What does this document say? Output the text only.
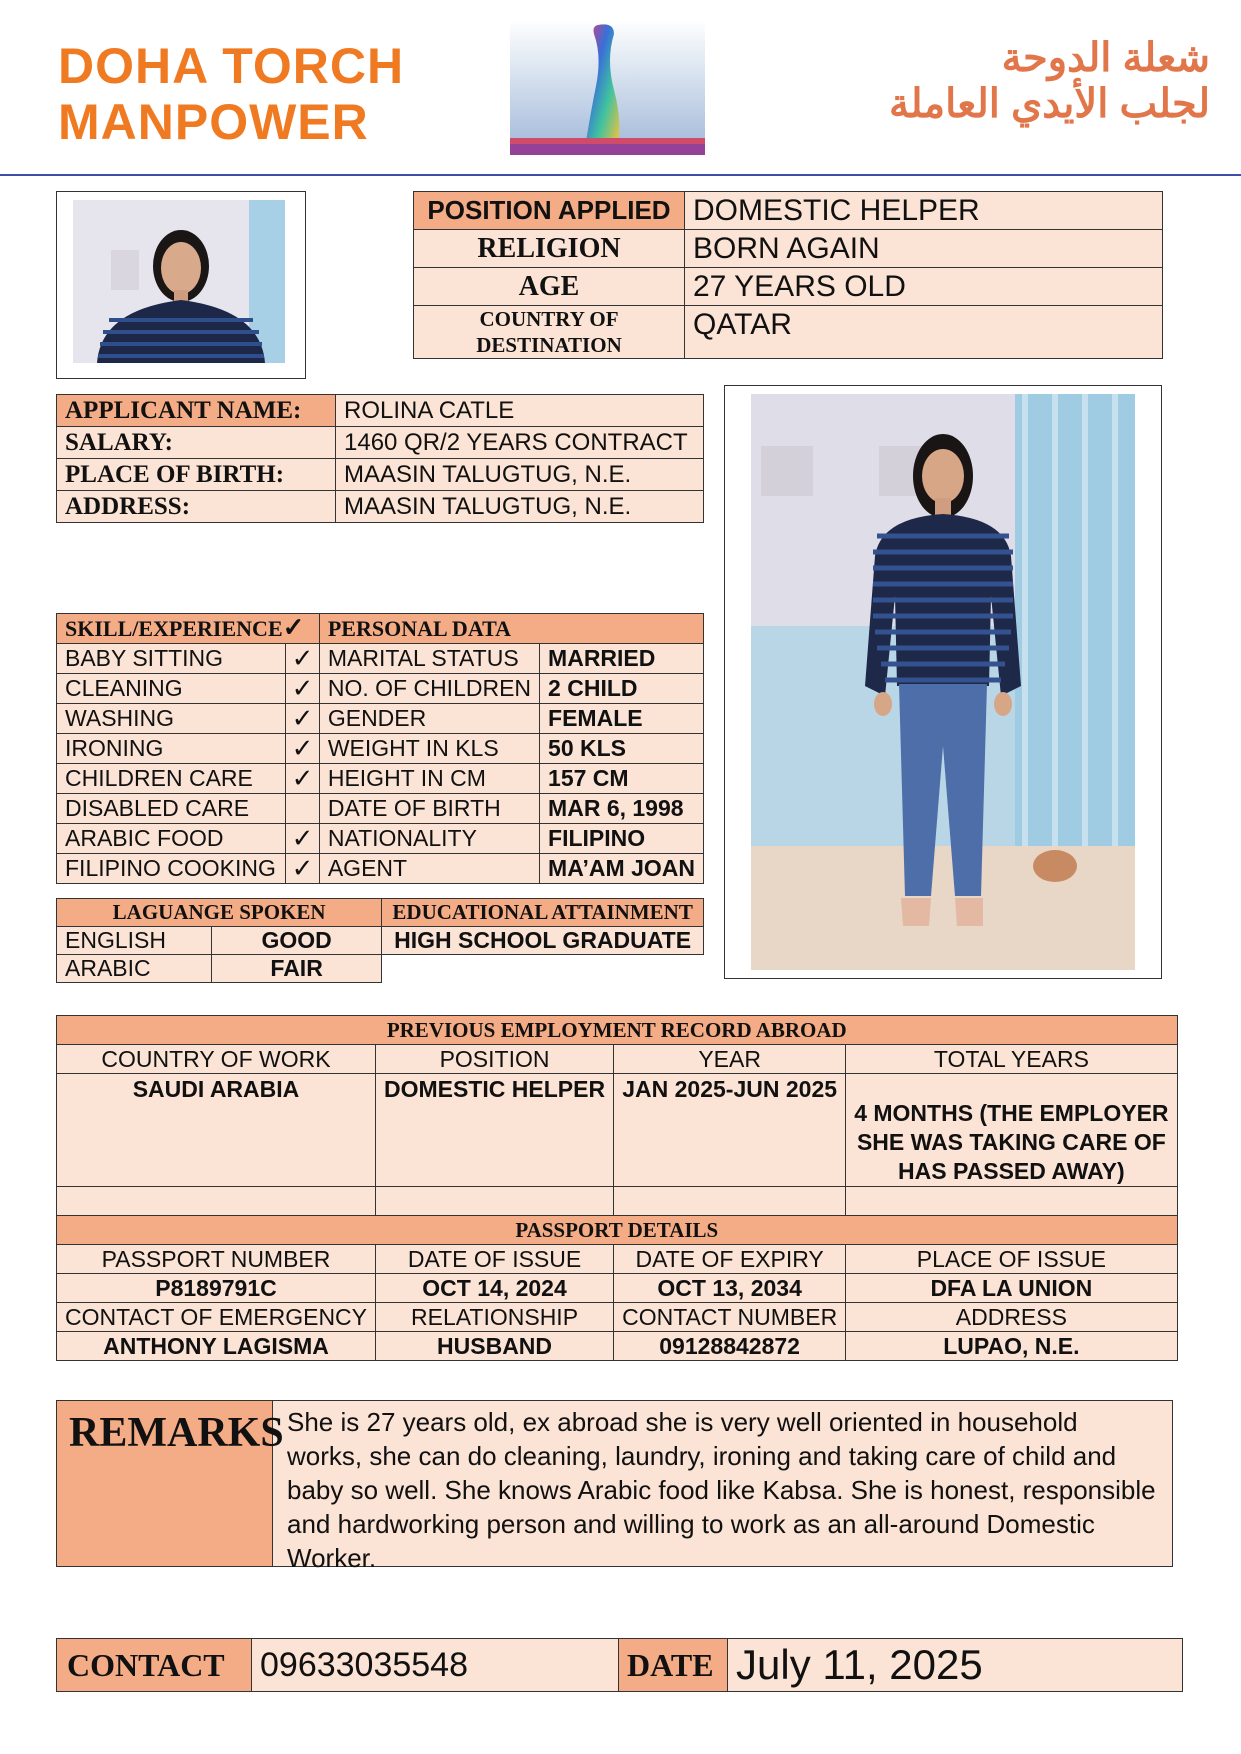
DOHA TORCH
MANPOWER
شعلة الدوحة
لجلب الأيدي العاملة
POSITION APPLIED	DOMESTIC HELPER
RELIGION	BORN AGAIN
AGE	27 YEARS OLD

COUNTRY OF
DESTINATION	QATAR
APPLICANT NAME:	ROLINA CATLE
SALARY:	1460 QR/2 YEARS CONTRACT
PLACE OF BIRTH:	MAASIN TALUGTUG, N.E.
ADDRESS:	MAASIN TALUGTUG, N.E.
SKILL/EXPERIENCE✓		PERSONAL DATA	
BABY SITTING	✓	MARITAL STATUS	MARRIED
CLEANING	✓	NO. OF CHILDREN	2 CHILD
WASHING	✓	GENDER	FEMALE
IRONING	✓	WEIGHT IN KLS	50 KLS
CHILDREN CARE	✓	HEIGHT IN CM	157 CM
DISABLED CARE		DATE OF BIRTH	MAR 6, 1998
ARABIC FOOD	✓	NATIONALITY	FILIPINO
FILIPINO COOKING	✓	AGENT	MA’AM JOAN
LAGUANGE SPOKEN		EDUCATIONAL ATTAINMENT
ENGLISH	GOOD	HIGH SCHOOL GRADUATE
ARABIC	FAIR	
PREVIOUS EMPLOYMENT RECORD ABROAD			
COUNTRY OF WORK	POSITION	YEAR	TOTAL YEARS
SAUDI ARABIA	DOMESTIC HELPER	JAN 2025-JUN 2025	4 MONTHS (THE EMPLOYER
SHE WAS TAKING CARE OF
HAS PASSED AWAY)

PASSPORT DETAILS			
PASSPORT NUMBER	DATE OF ISSUE	DATE OF EXPIRY	PLACE OF ISSUE
P8189791C	OCT 14, 2024	OCT 13, 2034	DFA LA UNION
CONTACT OF EMERGENCY	RELATIONSHIP	CONTACT NUMBER	ADDRESS
ANTHONY LAGISMA	HUSBAND	09128842872	LUPAO, N.E.
REMARKS She is 27 years old, ex abroad she is very well oriented in household works, she can do cleaning, laundry, ironing and taking care of child and baby so well. She knows Arabic food like Kabsa. She is honest, responsible and hardworking person and willing to work as an all-around Domestic Worker.
CONTACT	09633035548	DATE	July 11, 2025
